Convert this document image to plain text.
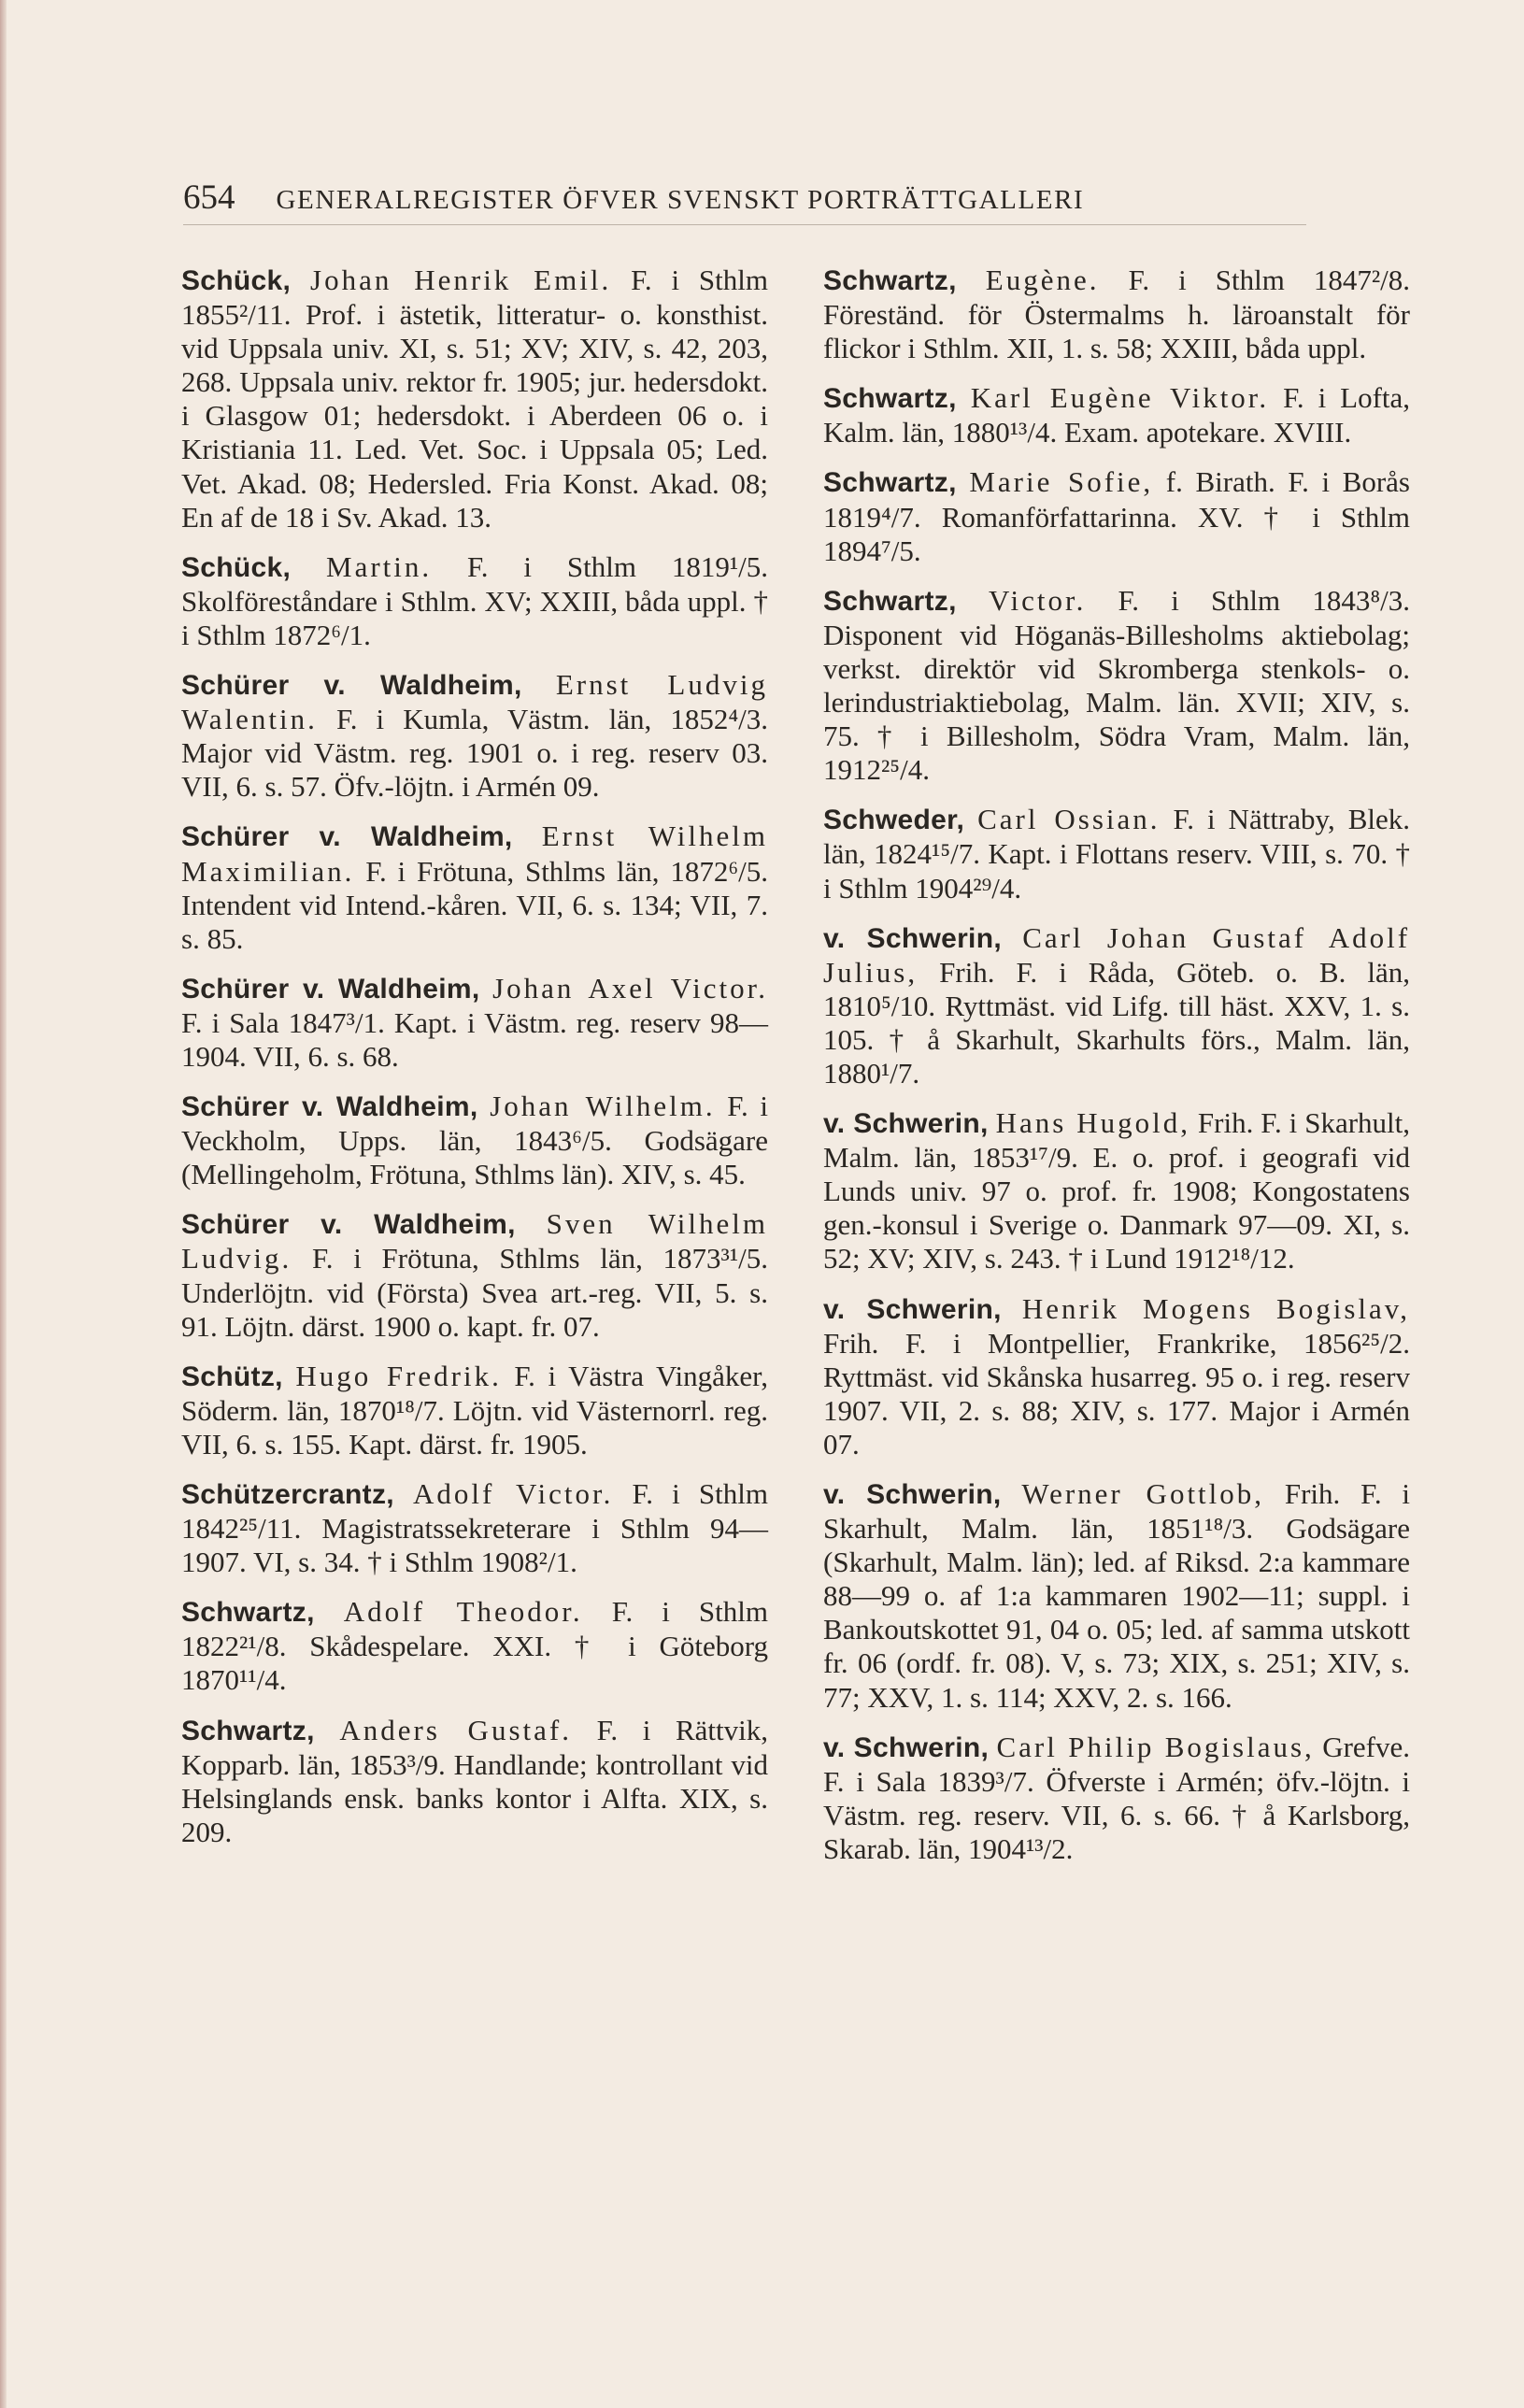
654 GENERALREGISTER ÖFVER SVENSKT PORTRÄTTGALLERI

Schück, Johan Henrik Emil. F. i Sthlm 1855²/11. Prof. i ästetik, litteratur- o. konsthist. vid Uppsala univ. XI, s. 51; XV; XIV, s. 42, 203, 268. Uppsala univ. rektor fr. 1905; jur. hedersdokt. i Glasgow 01; hedersdokt. i Aberdeen 06 o. i Kristiania 11. Led. Vet. Soc. i Uppsala 05; Led. Vet. Akad. 08; Hedersled. Fria Konst. Akad. 08; En af de 18 i Sv. Akad. 13.

Schück, Martin. F. i Sthlm 1819¹/5. Skolföreståndare i Sthlm. XV; XXIII, båda uppl. † i Sthlm 1872⁶/1.

Schürer v. Waldheim, Ernst Ludvig Walentin. F. i Kumla, Västm. län, 1852⁴/3. Major vid Västm. reg. 1901 o. i reg. reserv 03. VII, 6. s. 57. Öfv.-löjtn. i Armén 09.

Schürer v. Waldheim, Ernst Wilhelm Maximilian. F. i Frötuna, Sthlms län, 1872⁶/5. Intendent vid Intend.-kåren. VII, 6. s. 134; VII, 7. s. 85.

Schürer v. Waldheim, Johan Axel Victor. F. i Sala 1847³/1. Kapt. i Västm. reg. reserv 98—1904. VII, 6. s. 68.

Schürer v. Waldheim, Johan Wilhelm. F. i Veckholm, Upps. län, 1843⁶/5. Godsägare (Mellingeholm, Frötuna, Sthlms län). XIV, s. 45.

Schürer v. Waldheim, Sven Wilhelm Ludvig. F. i Frötuna, Sthlms län, 1873³¹/5. Underlöjtn. vid (Första) Svea art.-reg. VII, 5. s. 91. Löjtn. därst. 1900 o. kapt. fr. 07.

Schütz, Hugo Fredrik. F. i Västra Vingåker, Söderm. län, 1870¹⁸/7. Löjtn. vid Västernorrl. reg. VII, 6. s. 155. Kapt. därst. fr. 1905.

Schützercrantz, Adolf Victor. F. i Sthlm 1842²⁵/11. Magistratssekreterare i Sthlm 94—1907. VI, s. 34. † i Sthlm 1908²/1.

Schwartz, Adolf Theodor. F. i Sthlm 1822²¹/8. Skådespelare. XXI. † i Göteborg 1870¹¹/4.

Schwartz, Anders Gustaf. F. i Rättvik, Kopparb. län, 1853³/9. Handlande; kontrollant vid Helsinglands ensk. banks kontor i Alfta. XIX, s. 209.

Schwartz, Eugène. F. i Sthlm 1847²/8. Föreständ. för Östermalms h. läroanstalt för flickor i Sthlm. XII, 1. s. 58; XXIII, båda uppl.

Schwartz, Karl Eugène Viktor. F. i Lofta, Kalm. län, 1880¹³/4. Exam. apotekare. XVIII.

Schwartz, Marie Sofie, f. Birath. F. i Borås 1819⁴/7. Romanförfattarinna. XV. † i Sthlm 1894⁷/5.

Schwartz, Victor. F. i Sthlm 1843⁸/3. Disponent vid Höganäs-Billesholms aktiebolag; verkst. direktör vid Skromberga stenkols- o. lerindustriaktiebolag, Malm. län. XVII; XIV, s. 75. † i Billesholm, Södra Vram, Malm. län, 1912²⁵/4.

Schweder, Carl Ossian. F. i Nättraby, Blek. län, 1824¹⁵/7. Kapt. i Flottans reserv. VIII, s. 70. † i Sthlm 1904²⁹/4.

v. Schwerin, Carl Johan Gustaf Adolf Julius, Frih. F. i Råda, Göteb. o. B. län, 1810⁵/10. Ryttmäst. vid Lifg. till häst. XXV, 1. s. 105. † å Skarhult, Skarhults förs., Malm. län, 1880¹/7.

v. Schwerin, Hans Hugold, Frih. F. i Skarhult, Malm. län, 1853¹⁷/9. E. o. prof. i geografi vid Lunds univ. 97 o. prof. fr. 1908; Kongostatens gen.-konsul i Sverige o. Danmark 97—09. XI, s. 52; XV; XIV, s. 243. † i Lund 1912¹⁸/12.

v. Schwerin, Henrik Mogens Bogislav, Frih. F. i Montpellier, Frankrike, 1856²⁵/2. Ryttmäst. vid Skånska husarreg. 95 o. i reg. reserv 1907. VII, 2. s. 88; XIV, s. 177. Major i Armén 07.

v. Schwerin, Werner Gottlob, Frih. F. i Skarhult, Malm. län, 1851¹⁸/3. Godsägare (Skarhult, Malm. län); led. af Riksd. 2:a kammare 88—99 o. af 1:a kammaren 1902—11; suppl. i Bankoutskottet 91, 04 o. 05; led. af samma utskott fr. 06 (ordf. fr. 08). V, s. 73; XIX, s. 251; XIV, s. 77; XXV, 1. s. 114; XXV, 2. s. 166.

v. Schwerin, Carl Philip Bogislaus, Grefve. F. i Sala 1839³/7. Öfverste i Armén; öfv.-löjtn. i Västm. reg. reserv. VII, 6. s. 66. † å Karlsborg, Skarab. län, 1904¹³/2.
